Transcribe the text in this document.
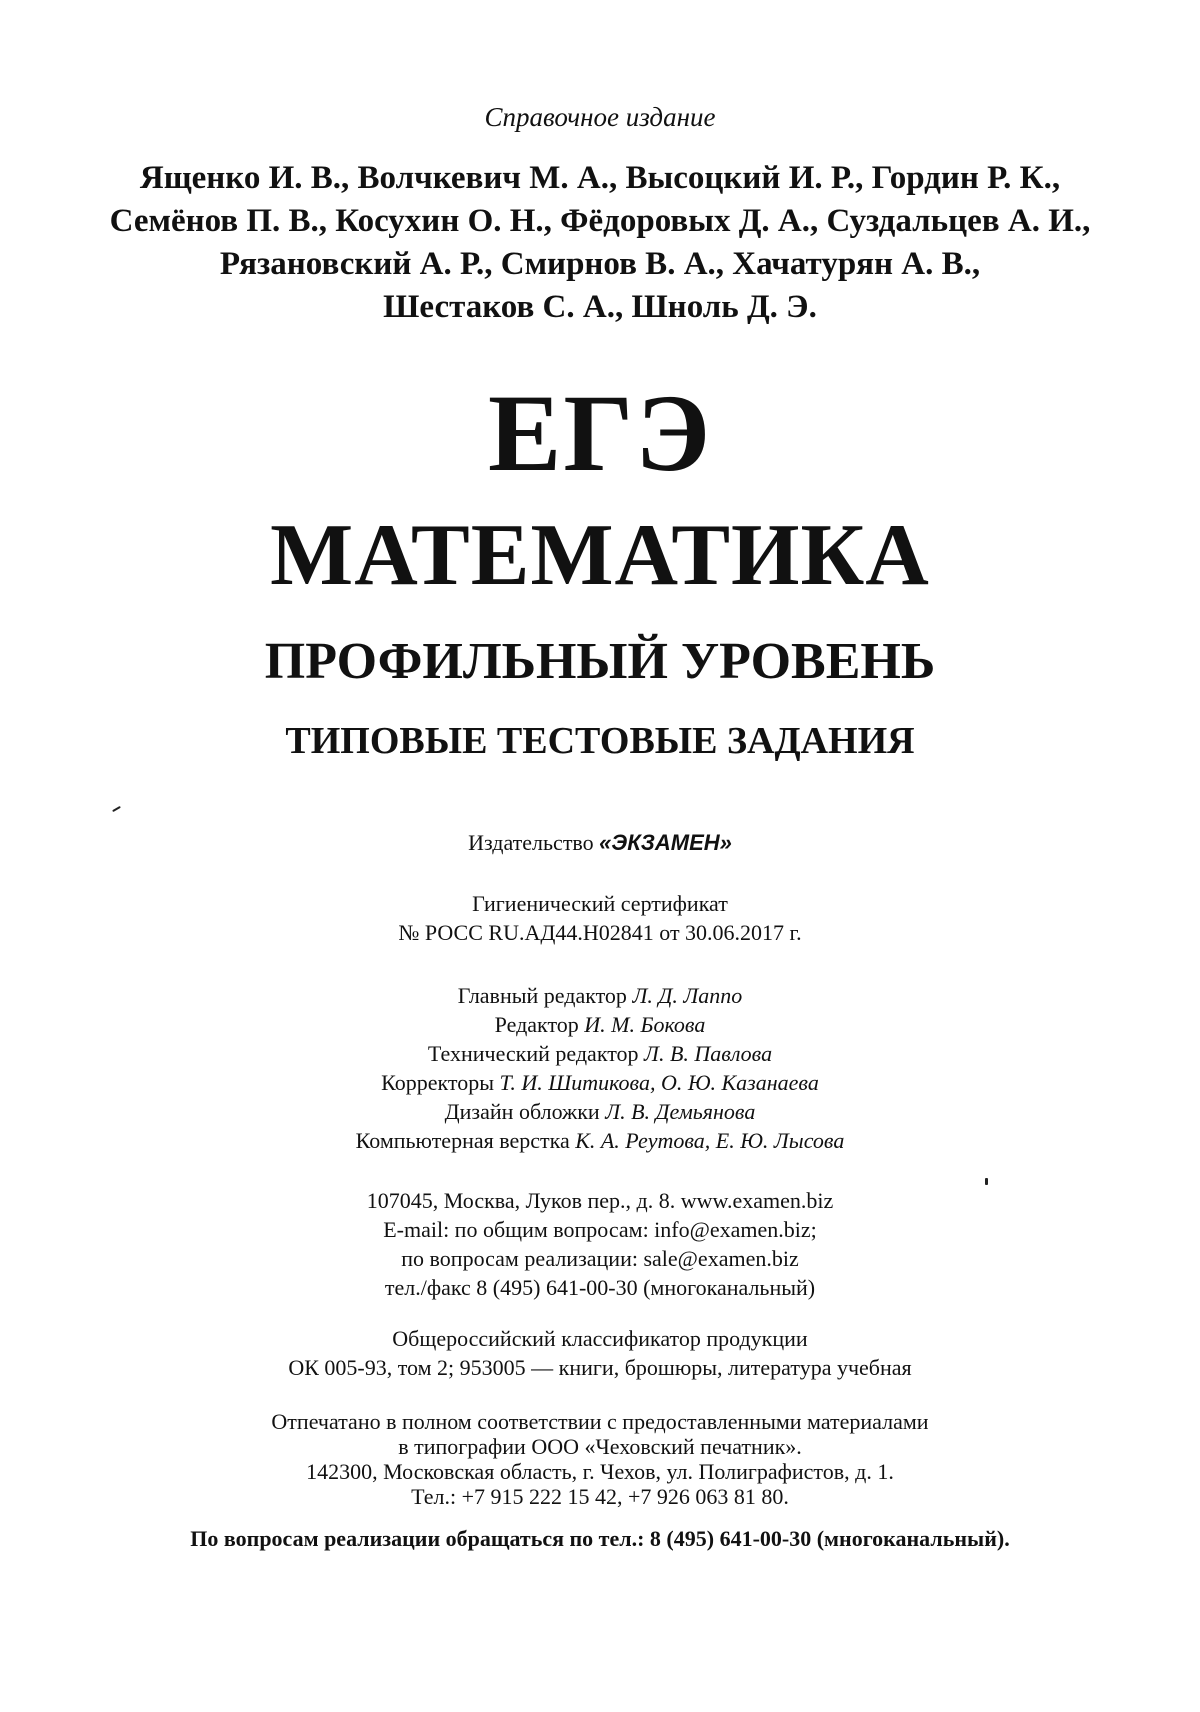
Справочное издание
Ященко И. В., Волчкевич М. А., Высоцкий И. Р., Гордин Р. К.,
Семёнов П. В., Косухин О. Н., Фёдоровых Д. А., Суздальцев А. И.,
Рязановский А. Р., Смирнов В. А., Хачатурян А. В.,
Шестаков С. А., Шноль Д. Э.
ЕГЭ
МАТЕМАТИКА
ПРОФИЛЬНЫЙ УРОВЕНЬ
ТИПОВЫЕ ТЕСТОВЫЕ ЗАДАНИЯ
Издательство «ЭКЗАМЕН»
Гигиенический сертификат
№ РОСС RU.АД44.Н02841 от 30.06.2017 г.
Главный редактор Л. Д. Лаппо
Редактор И. М. Бокова
Технический редактор Л. В. Павлова
Корректоры Т. И. Шитикова, О. Ю. Казанаева
Дизайн обложки Л. В. Демьянова
Компьютерная верстка К. А. Реутова, Е. Ю. Лысова
107045, Москва, Луков пер., д. 8. www.examen.biz
E-mail: по общим вопросам: info@examen.biz;
по вопросам реализации: sale@examen.biz
тел./факс 8 (495) 641-00-30 (многоканальный)
Общероссийский классификатор продукции
ОК 005-93, том 2; 953005 — книги, брошюры, литература учебная
Отпечатано в полном соответствии с предоставленными материалами
в типографии ООО «Чеховский печатник».
142300, Московская область, г. Чехов, ул. Полиграфистов, д. 1.
Тел.: +7 915 222 15 42, +7 926 063 81 80.
По вопросам реализации обращаться по тел.: 8 (495) 641-00-30 (многоканальный).
